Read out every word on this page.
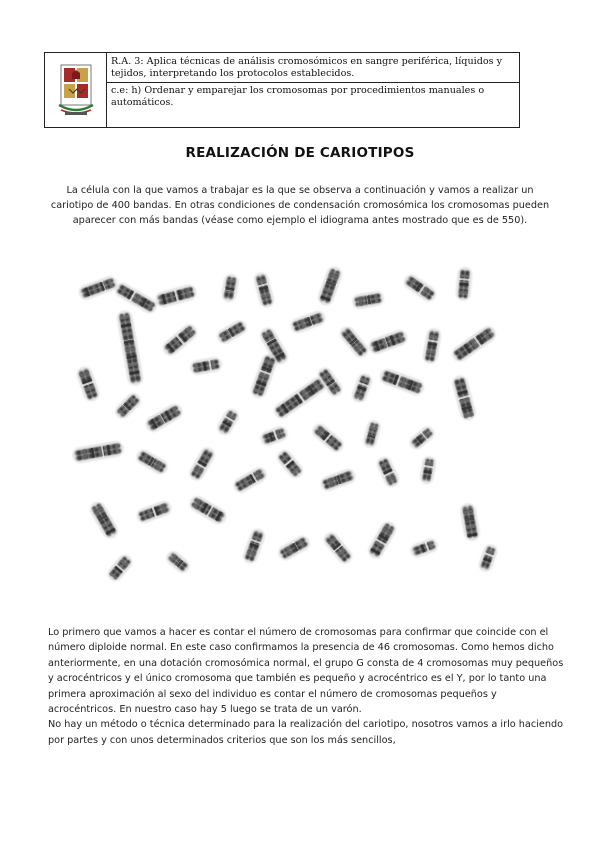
R.A. 3: Aplica técnicas de análisis cromosómicos en sangre periférica, líquidos y tejidos, interpretando los protocolos establecidos.
c.e: h) Ordenar y emparejar los cromosomas por procedimientos manuales o automáticos.
REALIZACIÓN DE CARIOTIPOS
La célula con la que vamos a trabajar es la que se observa a continuación y vamos a realizar un cariotipo de 400 bandas. En otras condiciones de condensación cromosómica los cromosomas pueden aparecer con más bandas (véase como ejemplo el idiograma antes mostrado que es de 550).

Lo primero que vamos a hacer es contar el número de cromosomas para confirmar que coincide con el número diploide normal. En este caso confirmamos la presencia de 46 cromosomas. Como hemos dicho anteriormente, en una dotación cromosómica normal, el grupo G consta de 4 cromosomas muy pequeños y acrocéntricos y el único cromosoma que también es pequeño y acrocéntrico es el Y, por lo tanto una primera aproximación al sexo del individuo es contar el número de cromosomas pequeños y acrocéntricos. En nuestro caso hay 5 luego se trata de un varón.

No hay un método o técnica determinado para la realización del cariotipo, nosotros vamos a irlo haciendo por partes y con unos determinados criterios que son los más sencillos,
